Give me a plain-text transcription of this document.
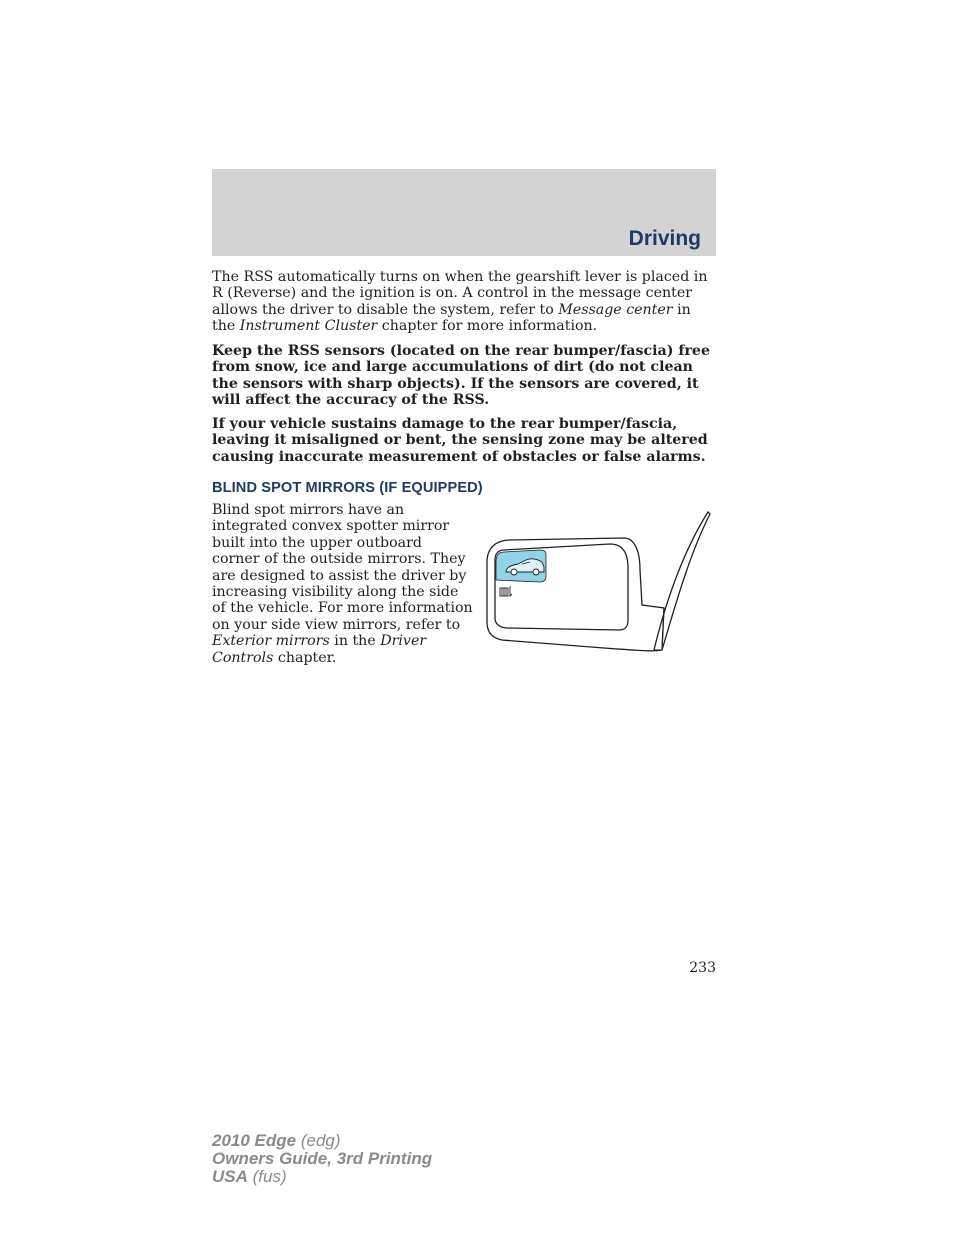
Driving

The RSS automatically turns on when the gearshift lever is placed in R (Reverse) and the ignition is on. A control in the message center allows the driver to disable the system, refer to Message center in the Instrument Cluster chapter for more information.

Keep the RSS sensors (located on the rear bumper/fascia) free from snow, ice and large accumulations of dirt (do not clean the sensors with sharp objects). If the sensors are covered, it will affect the accuracy of the RSS.

If your vehicle sustains damage to the rear bumper/fascia, leaving it misaligned or bent, the sensing zone may be altered causing inaccurate measurement of obstacles or false alarms.

BLIND SPOT MIRRORS (IF EQUIPPED)

Blind spot mirrors have an integrated convex spotter mirror built into the upper outboard corner of the outside mirrors. They are designed to assist the driver by increasing visibility along the side of the vehicle. For more information on your side view mirrors, refer to Exterior mirrors in the Driver Controls chapter.

233
2010 Edge (edg)
Owners Guide, 3rd Printing
USA (fus)
